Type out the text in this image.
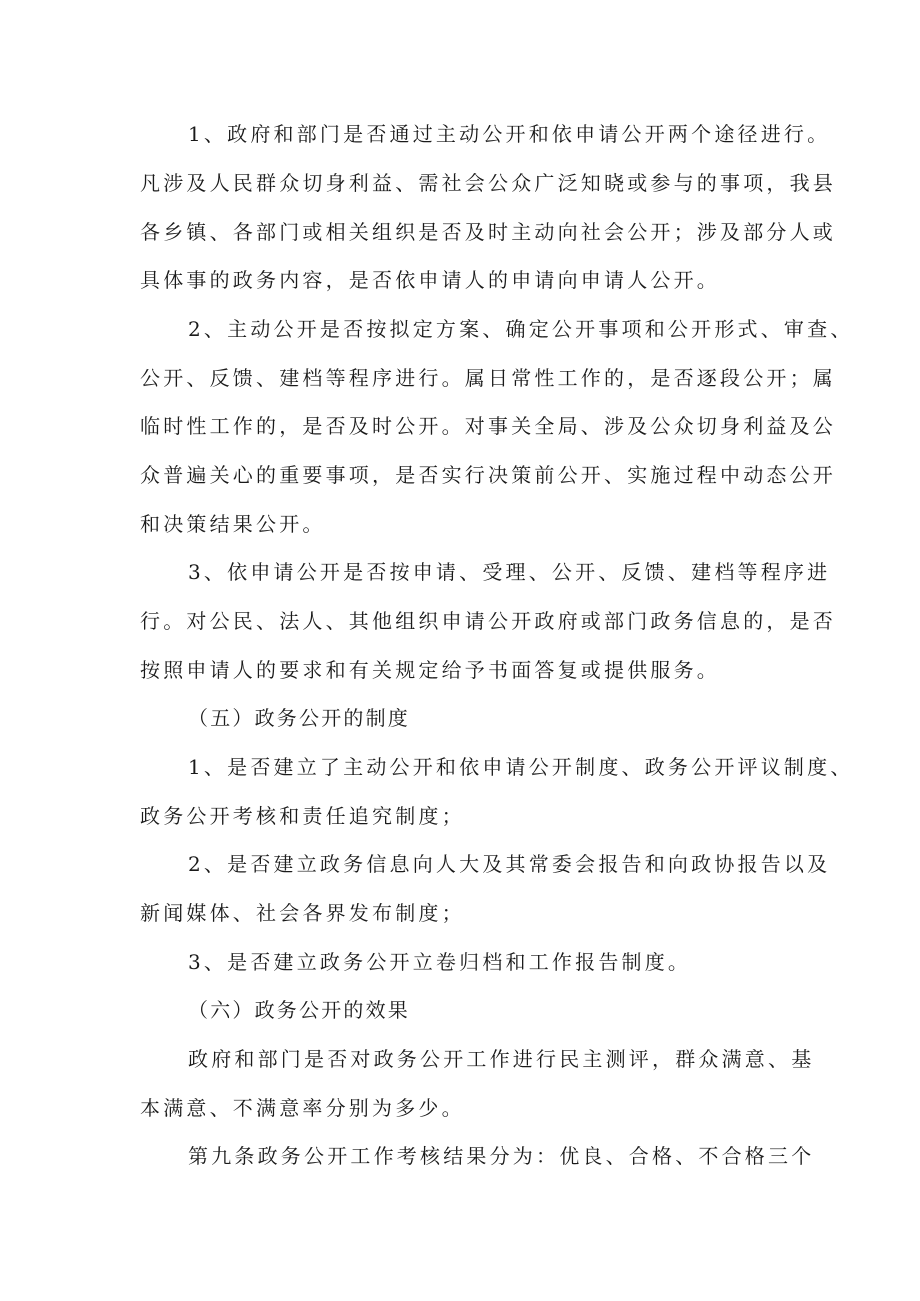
1、政府和部门是否通过主动公开和依申请公开两个途径进行。
凡涉及人民群众切身利益、需社会公众广泛知晓或参与的事项，我县
各乡镇、各部门或相关组织是否及时主动向社会公开；涉及部分人或
具体事的政务内容，是否依申请人的申请向申请人公开。
2、主动公开是否按拟定方案、确定公开事项和公开形式、审查、
公开、反馈、建档等程序进行。属日常性工作的，是否逐段公开；属
临时性工作的，是否及时公开。对事关全局、涉及公众切身利益及公
众普遍关心的重要事项，是否实行决策前公开、实施过程中动态公开
和决策结果公开。
3、依申请公开是否按申请、受理、公开、反馈、建档等程序进
行。对公民、法人、其他组织申请公开政府或部门政务信息的，是否
按照申请人的要求和有关规定给予书面答复或提供服务。
（五）政务公开的制度
1、是否建立了主动公开和依申请公开制度、政务公开评议制度、
政务公开考核和责任追究制度；
2、是否建立政务信息向人大及其常委会报告和向政协报告以及
新闻媒体、社会各界发布制度；
3、是否建立政务公开立卷归档和工作报告制度。
（六）政务公开的效果
政府和部门是否对政务公开工作进行民主测评，群众满意、基
本满意、不满意率分别为多少。
第九条政务公开工作考核结果分为：优良、合格、不合格三个
